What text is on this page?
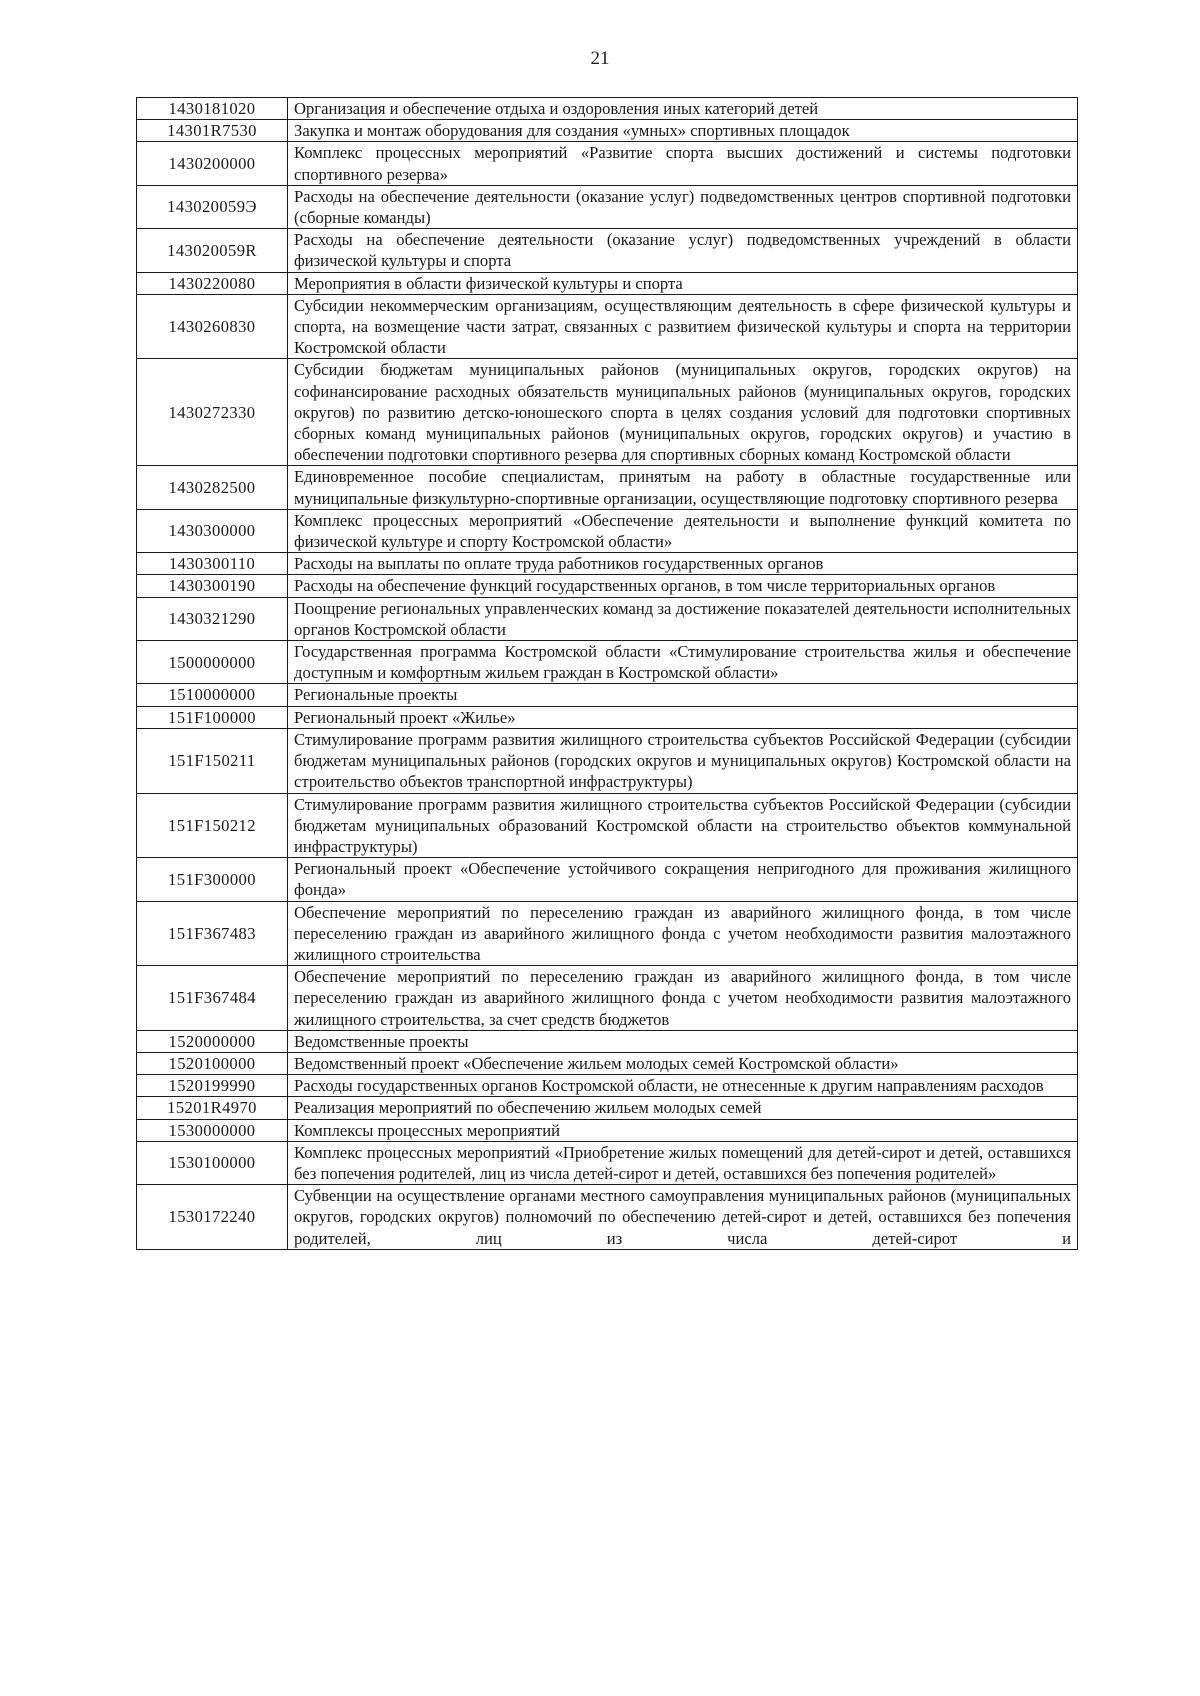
21
1430181020	Организация и обеспечение отдыха и оздоровления иных категорий детей
14301R7530	Закупка и монтаж оборудования для создания «умных» спортивных площадок
1430200000	Комплекс процессных мероприятий «Развитие спорта высших достижений и системы подготовки спортивного резерва»
143020059Э	Расходы на обеспечение деятельности (оказание услуг) подведомственных центров спортивной подготовки (сборные команды)
143020059R	Расходы на обеспечение деятельности (оказание услуг) подведомственных учреждений в области физической культуры и спорта
1430220080	Мероприятия в области физической культуры и спорта
1430260830	Субсидии некоммерческим организациям, осуществляющим деятельность в сфере физической культуры и спорта, на возмещение части затрат, связанных с развитием физической культуры и спорта на территории Костромской области
1430272330	Субсидии бюджетам муниципальных районов (муниципальных округов, городских округов) на софинансирование расходных обязательств муниципальных районов (муниципальных округов, городских округов) по развитию детско-юношеского спорта в целях создания условий для подготовки спортивных сборных команд муниципальных районов (муниципальных округов, городских округов) и участию в обеспечении подготовки спортивного резерва для спортивных сборных команд Костромской области
1430282500	Единовременное пособие специалистам, принятым на работу в областные государственные или муниципальные физкультурно-спортивные организации, осуществляющие подготовку спортивного резерва
1430300000	Комплекс процессных мероприятий «Обеспечение деятельности и выполнение функций комитета по физической культуре и спорту Костромской области»
1430300110	Расходы на выплаты по оплате труда работников государственных органов
1430300190	Расходы на обеспечение функций государственных органов, в том числе территориальных органов
1430321290	Поощрение региональных управленческих команд за достижение показателей деятельности исполнительных органов Костромской области
1500000000	Государственная программа Костромской области «Стимулирование строительства жилья и обеспечение доступным и комфортным жильем граждан в Костромской области»
1510000000	Региональные проекты
151F100000	Региональный проект «Жилье»
151F150211	Стимулирование программ развития жилищного строительства субъектов Российской Федерации (субсидии бюджетам муниципальных районов (городских округов и муниципальных округов) Костромской области на строительство объектов транспортной инфраструктуры)
151F150212	Стимулирование программ развития жилищного строительства субъектов Российской Федерации (субсидии бюджетам муниципальных образований Костромской области на строительство объектов коммунальной инфраструктуры)
151F300000	Региональный проект «Обеспечение устойчивого сокращения непригодного для проживания жилищного фонда»
151F367483	Обеспечение мероприятий по переселению граждан из аварийного жилищного фонда, в том числе переселению граждан из аварийного жилищного фонда с учетом необходимости развития малоэтажного жилищного строительства
151F367484	Обеспечение мероприятий по переселению граждан из аварийного жилищного фонда, в том числе переселению граждан из аварийного жилищного фонда с учетом необходимости развития малоэтажного жилищного строительства, за счет средств бюджетов
1520000000	Ведомственные проекты
1520100000	Ведомственный проект «Обеспечение жильем молодых семей Костромской области»
1520199990	Расходы государственных органов Костромской области, не отнесенные к другим направлениям расходов
15201R4970	Реализация мероприятий по обеспечению жильем молодых семей
1530000000	Комплексы процессных мероприятий
1530100000	Комплекс процессных мероприятий «Приобретение жилых помещений для детей-сирот и детей, оставшихся без попечения родителей, лиц из числа детей-сирот и детей, оставшихся без попечения родителей»
1530172240	Субвенции на осуществление органами местного самоуправления муниципальных районов (муниципальных округов, городских округов) полномочий по обеспечению детей-сирот и детей, оставшихся без попечения родителей, лиц из числа детей-сирот и
